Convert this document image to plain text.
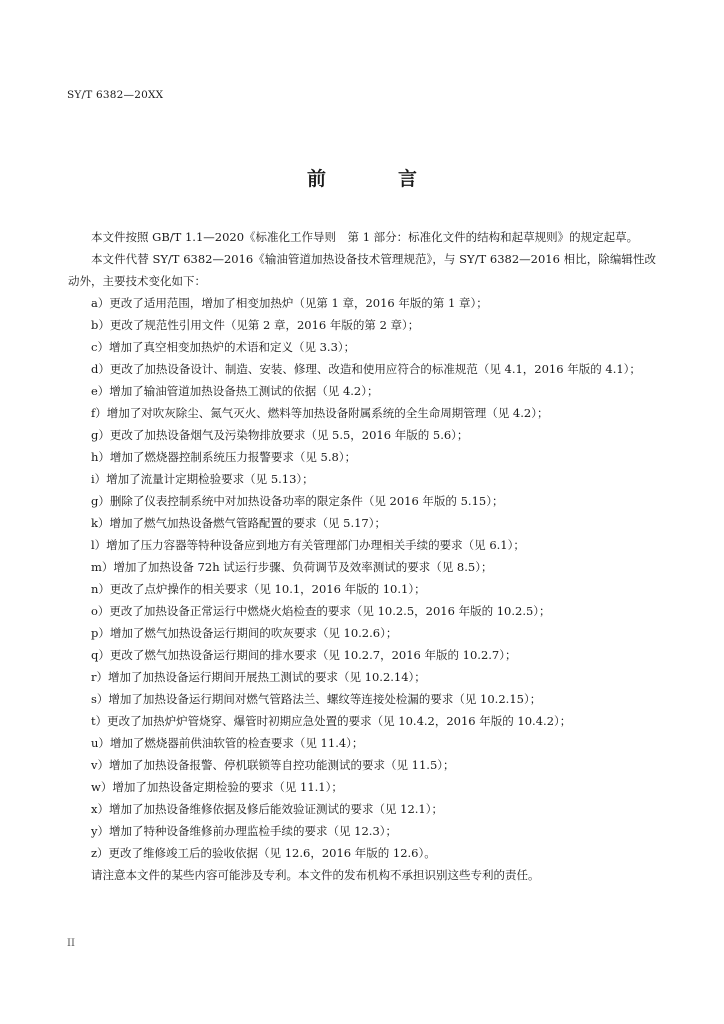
SY/T 6382—20XX
前	言

本文件按照 GB/T 1.1—2020《标准化工作导则　第 1 部分：标准化文件的结构和起草规则》的规定起草。

本文件代替 SY/T 6382—2016《输油管道加热设备技术管理规范》，与 SY/T 6382—2016 相比，除编辑性改动外，主要技术变化如下：

a）更改了适用范围，增加了相变加热炉（见第 1 章，2016 年版的第 1 章）；

b）更改了规范性引用文件（见第 2 章，2016 年版的第 2 章）；

c）增加了真空相变加热炉的术语和定义（见 3.3）；

d）更改了加热设备设计、制造、安装、修理、改造和使用应符合的标准规范（见 4.1，2016 年版的 4.1）；

e）增加了输油管道加热设备热工测试的依据（见 4.2）；

f）增加了对吹灰除尘、氮气灭火、燃料等加热设备附属系统的全生命周期管理（见 4.2）；

g）更改了加热设备烟气及污染物排放要求（见 5.5，2016 年版的 5.6）；

h）增加了燃烧器控制系统压力报警要求（见 5.8）；

i）增加了流量计定期检验要求（见 5.13）；

g）删除了仪表控制系统中对加热设备功率的限定条件（见 2016 年版的 5.15）；

k）增加了燃气加热设备燃气管路配置的要求（见 5.17）；

l）增加了压力容器等特种设备应到地方有关管理部门办理相关手续的要求（见 6.1）；

m）增加了加热设备 72h 试运行步骤、负荷调节及效率测试的要求（见 8.5）；

n）更改了点炉操作的相关要求（见 10.1，2016 年版的 10.1）；

o）更改了加热设备正常运行中燃烧火焰检查的要求（见 10.2.5，2016 年版的 10.2.5）；

p）增加了燃气加热设备运行期间的吹灰要求（见 10.2.6）；

q）更改了燃气加热设备运行期间的排水要求（见 10.2.7，2016 年版的 10.2.7）；

r）增加了加热设备运行期间开展热工测试的要求（见 10.2.14）；

s）增加了加热设备运行期间对燃气管路法兰、螺纹等连接处检漏的要求（见 10.2.15）；

t）更改了加热炉炉管烧穿、爆管时初期应急处置的要求（见 10.4.2，2016 年版的 10.4.2）；

u）增加了燃烧器前供油软管的检查要求（见 11.4）；

v）增加了加热设备报警、停机联锁等自控功能测试的要求（见 11.5）；

w）增加了加热设备定期检验的要求（见 11.1）；

x）增加了加热设备维修依据及修后能效验证测试的要求（见 12.1）；

y）增加了特种设备维修前办理监检手续的要求（见 12.3）；

z）更改了维修竣工后的验收依据（见 12.6，2016 年版的 12.6）。

请注意本文件的某些内容可能涉及专利。本文件的发布机构不承担识别这些专利的责任。

II
